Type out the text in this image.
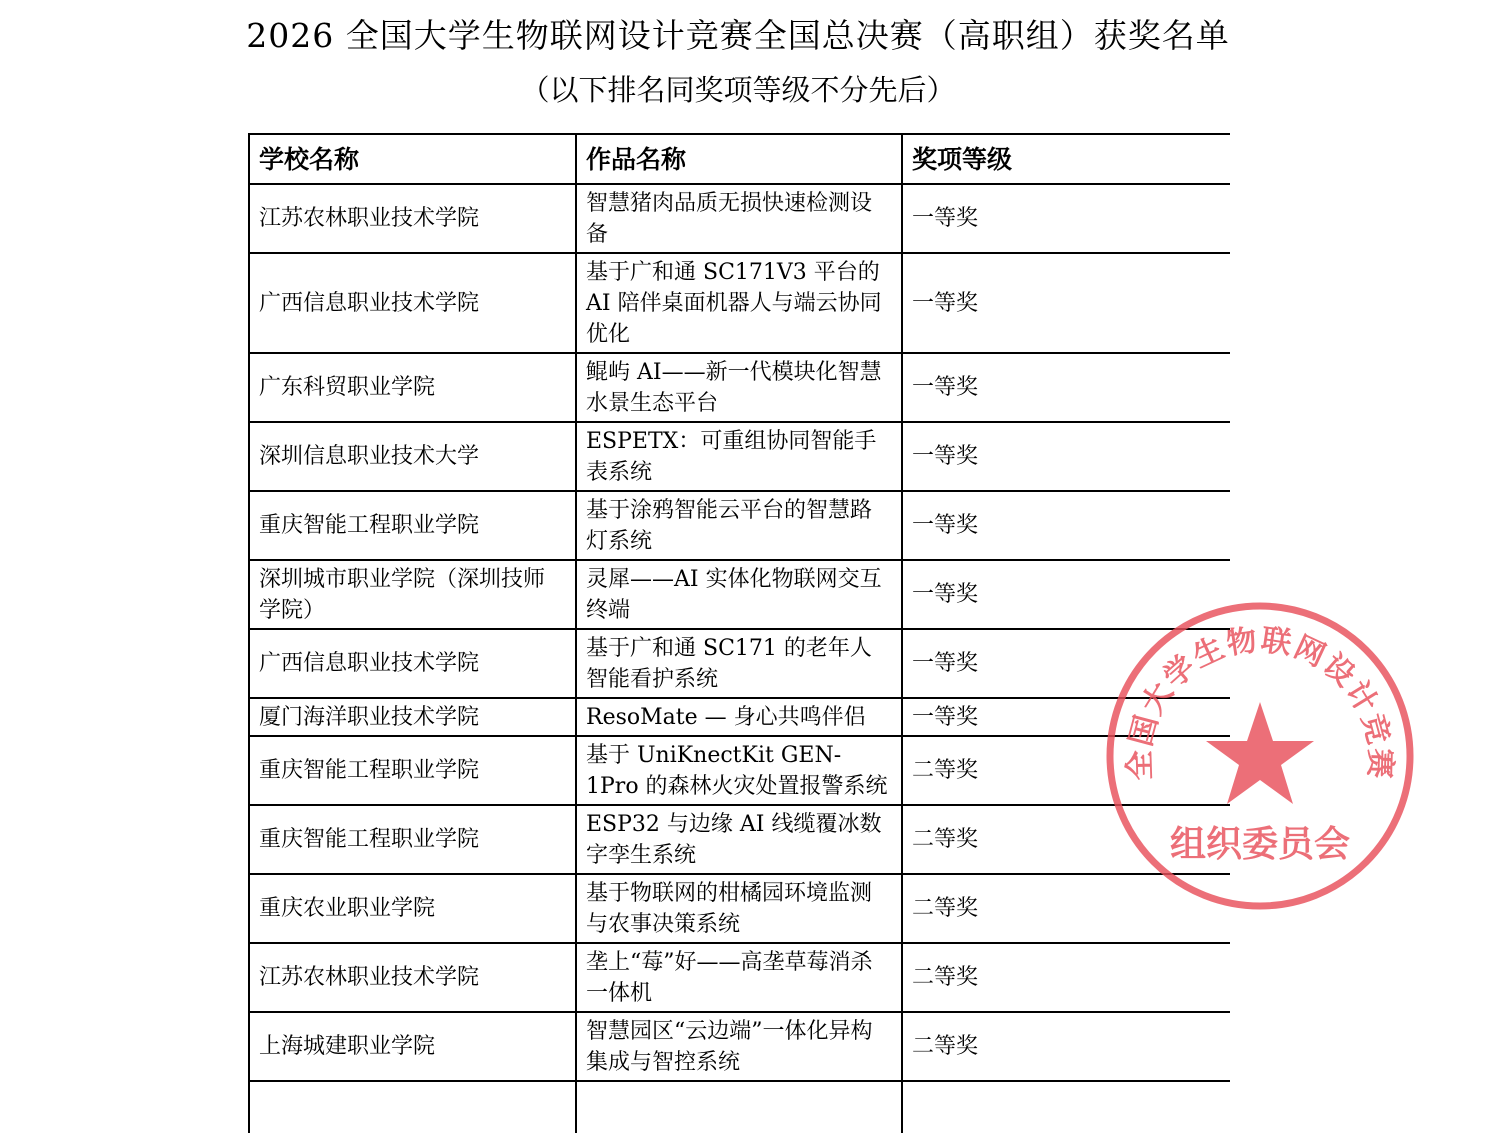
2026 全国大学生物联网设计竞赛全国总决赛（高职组）获奖名单
（以下排名同奖项等级不分先后）
学校名称	作品名称	奖项等级
江苏农林职业技术学院	智慧猪肉品质无损快速检测设备	一等奖
广西信息职业技术学院	基于广和通 SC171V3 平台的 AI 陪伴桌面机器人与端云协同优化	一等奖
广东科贸职业学院	鲲屿 AI——新一代模块化智慧水景生态平台	一等奖
深圳信息职业技术大学	ESPETX：可重组协同智能手表系统	一等奖
重庆智能工程职业学院	基于涂鸦智能云平台的智慧路灯系统	一等奖
深圳城市职业学院（深圳技师学院）	灵犀——AI 实体化物联网交互终端	一等奖
广西信息职业技术学院	基于广和通 SC171 的老年人智能看护系统	一等奖
厦门海洋职业技术学院	ResoMate — 身心共鸣伴侣	一等奖
重庆智能工程职业学院	基于 UniKnectKit GEN-1Pro 的森林火灾处置报警系统	二等奖
重庆智能工程职业学院	ESP32 与边缘 AI 线缆覆冰数字孪生系统	二等奖
重庆农业职业学院	基于物联网的柑橘园环境监测与农事决策系统	二等奖
江苏农林职业技术学院	垄上“莓”好——高垄草莓消杀一体机	二等奖
上海城建职业学院	智慧园区“云边端”一体化异构集成与智控系统	二等奖

全国大学生物联网设计竞赛
组织委员会
